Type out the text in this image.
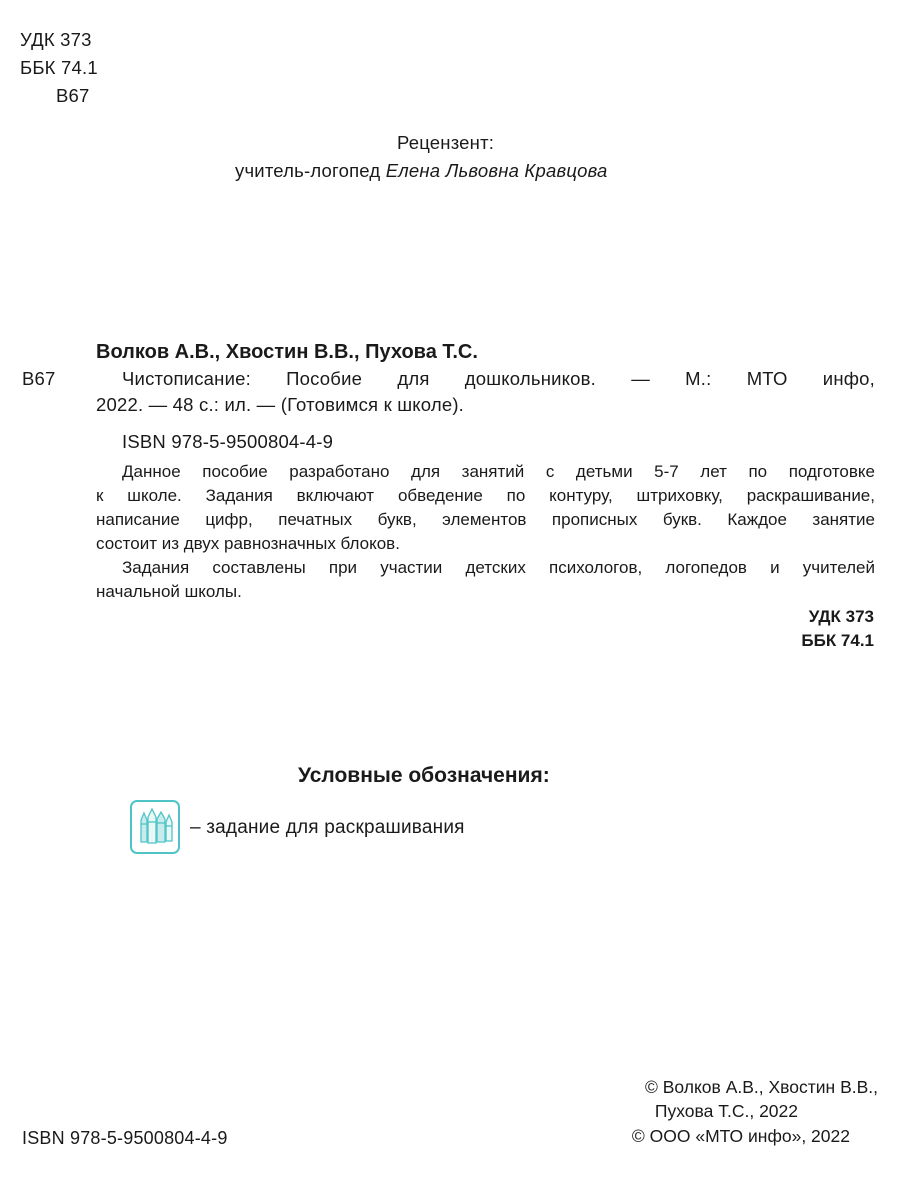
УДК 373
ББК 74.1
В67
Рецензент:
учитель-логопед Елена Львовна Кравцова
Волков А.В., Хвостин В.В., Пухова Т.С.
В67	Чистописание: Пособие для дошкольников. — М.: МТО инфо,
2022. — 48 с.: ил. — (Готовимся к школе).
ISBN 978-5-9500804-4-9
Данное пособие разработано для занятий с детьми 5-7 лет по подготовке
к школе. Задания включают обведение по контуру, штриховку, раскрашивание,
написание цифр, печатных букв, элементов прописных букв. Каждое занятие
состоит из двух равнозначных блоков.
Задания составлены при участии детских психологов, логопедов и учителей
начальной школы.
УДК 373
ББК 74.1
Условные обозначения:
– задание для раскрашивания
ISBN 978-5-9500804-4-9
© Волков А.В., Хвостин В.В.,
Пухова Т.С., 2022
© ООО «МТО инфо», 2022
